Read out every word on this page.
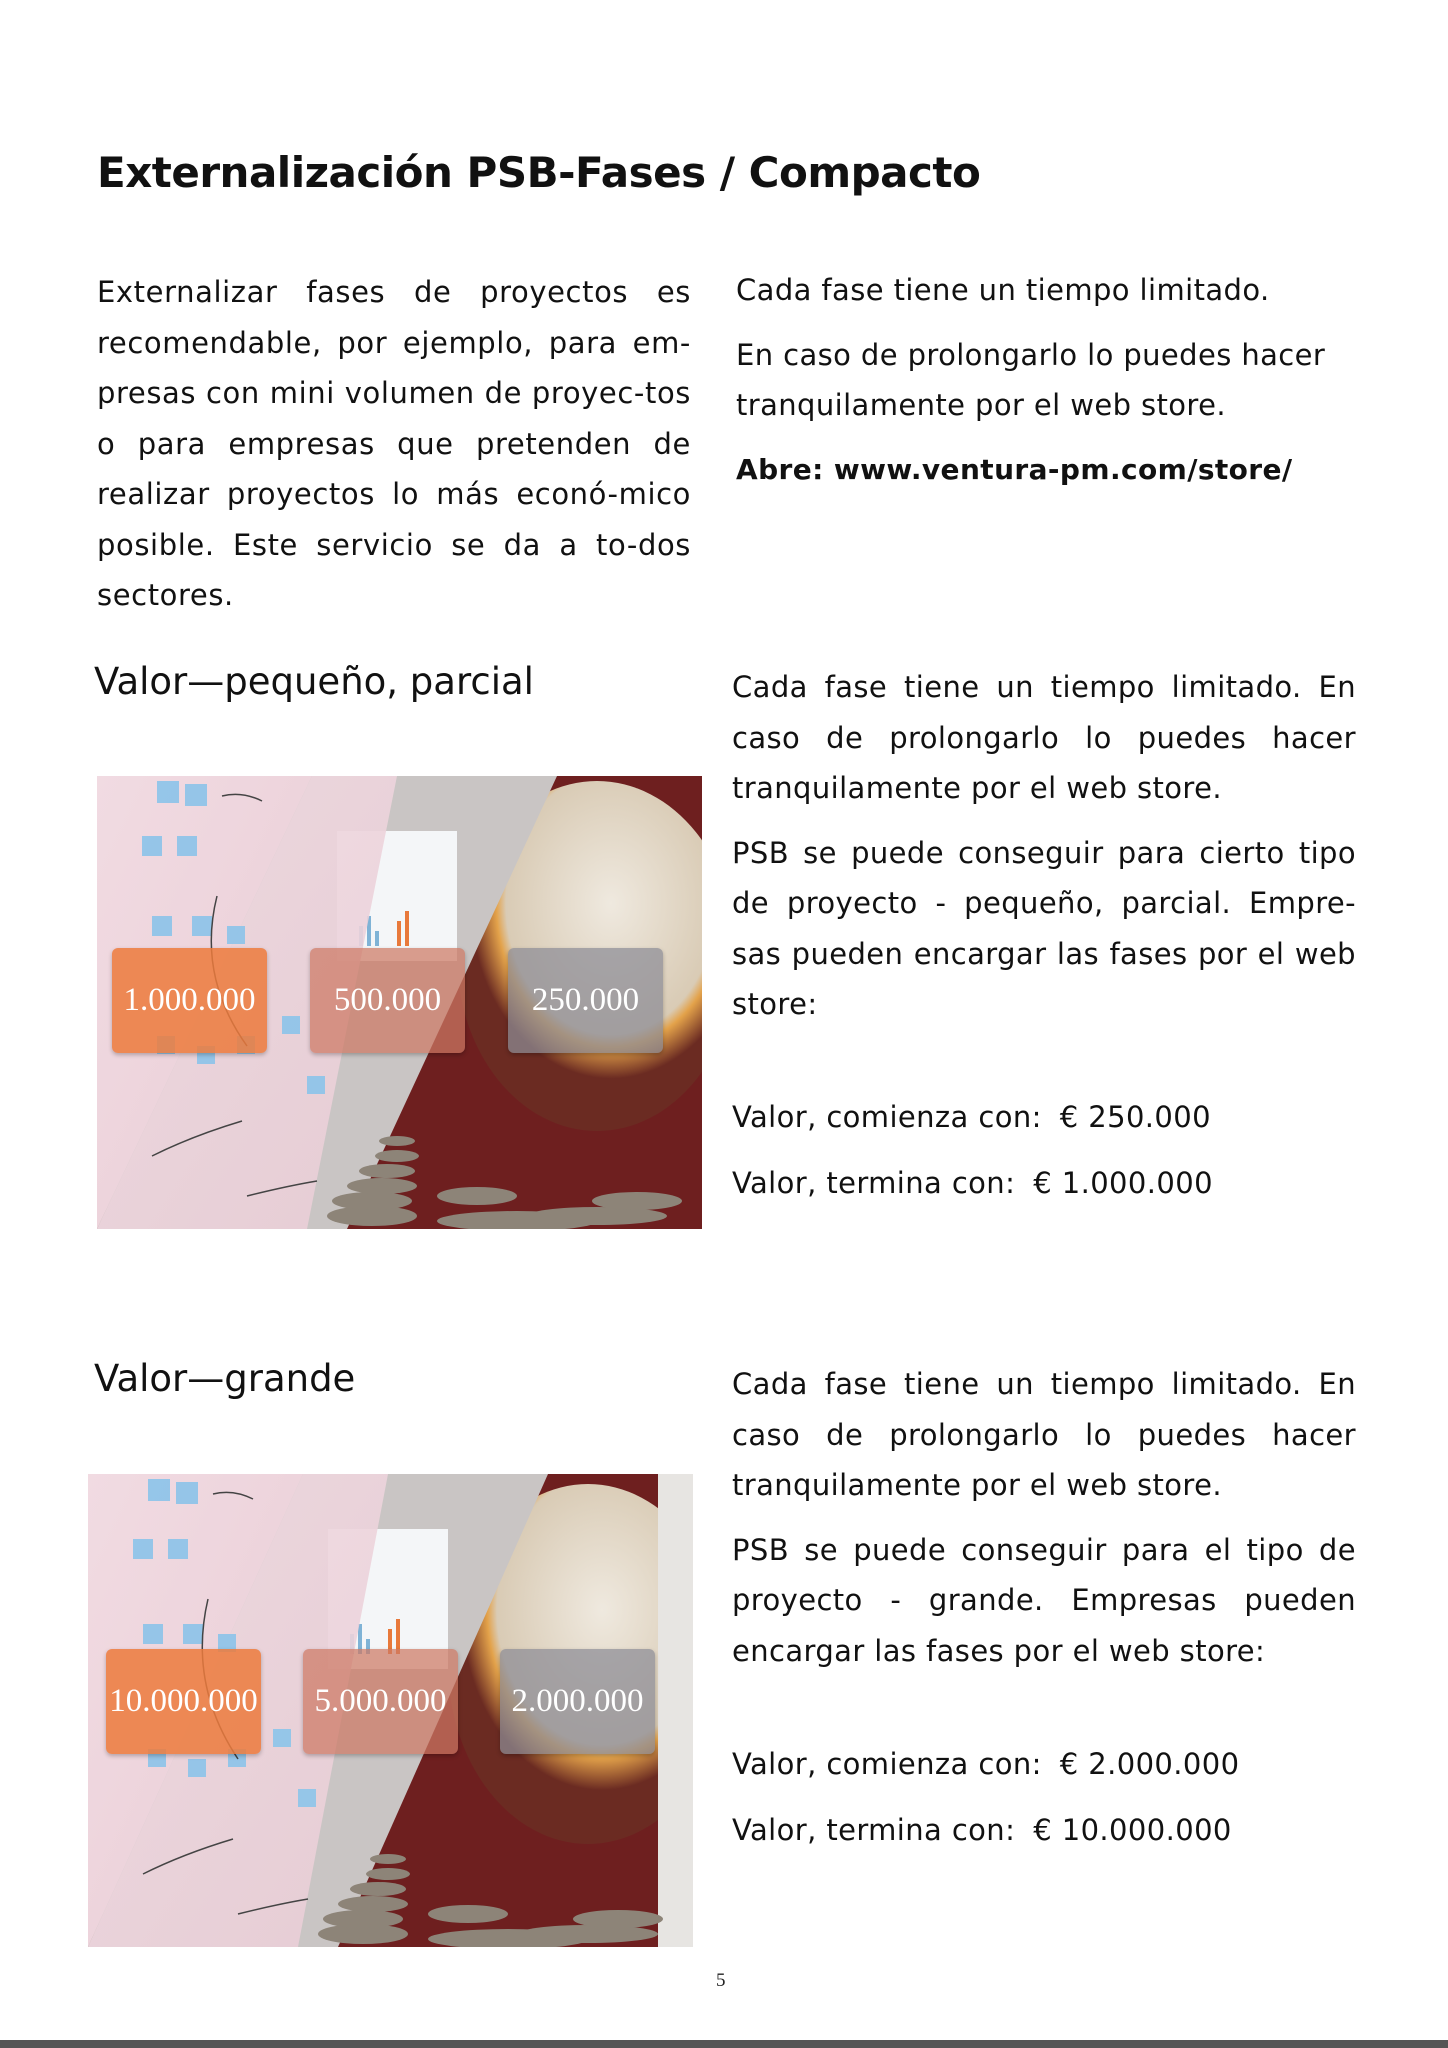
Externalización PSB-Fases / Compacto
Externalizar fases de proyectos es recomendable, por ejemplo, para em-presas con mini volumen de proyec-tos o para empresas que pretenden de realizar proyectos lo más econó-mico posible. Este servicio se da a to-dos sectores.

Cada fase tiene un tiempo limitado.

En caso de prolongarlo lo puedes hacer tranquilamente por el web store.

Abre: www.ventura-pm.com/store/

Valor—pequeño, parcial
1.000.000	500.000	250.000

Cada fase tiene un tiempo limitado. En caso de prolongarlo lo puedes hacer tranquilamente por el web store.

PSB se puede conseguir para cierto tipo de proyecto - pequeño, parcial. Empre-sas pueden encargar las fases por el web store:

Valor, comienza con: € 250.000
Valor, termina con: € 1.000.000
Valor—grande
10.000.000	5.000.000	2.000.000

Cada fase tiene un tiempo limitado. En caso de prolongarlo lo puedes hacer tranquilamente por el web store.

PSB se puede conseguir para el tipo de proyecto - grande. Empresas pueden encargar las fases por el web store:

Valor, comienza con: € 2.000.000
Valor, termina con: € 10.000.000
5
